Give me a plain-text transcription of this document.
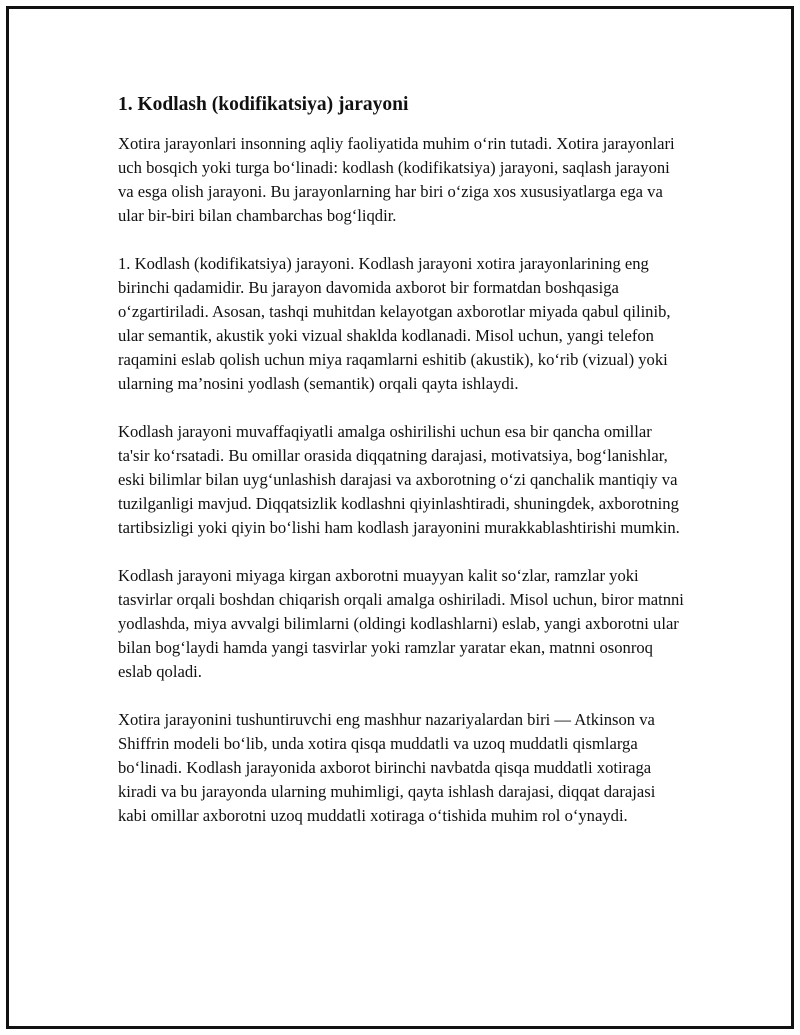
1. Kodlash (kodifikatsiya) jarayoni

Xotira jarayonlari insonning aqliy faoliyatida muhim o‘rin tutadi. Xotira jarayonlari uch bosqich yoki turga bo‘linadi: kodlash (kodifikatsiya) jarayoni, saqlash jarayoni va esga olish jarayoni. Bu jarayonlarning har biri o‘ziga xos xususiyatlarga ega va ular bir-biri bilan chambarchas bog‘liqdir.

1. Kodlash (kodifikatsiya) jarayoni. Kodlash jarayoni xotira jarayonlarining eng birinchi qadamidir. Bu jarayon davomida axborot bir formatdan boshqasiga o‘zgartiriladi. Asosan, tashqi muhitdan kelayotgan axborotlar miyada qabul qilinib, ular semantik, akustik yoki vizual shaklda kodlanadi. Misol uchun, yangi telefon raqamini eslab qolish uchun miya raqamlarni eshitib (akustik), ko‘rib (vizual) yoki ularning ma’nosini yodlash (semantik) orqali qayta ishlaydi.

Kodlash jarayoni muvaffaqiyatli amalga oshirilishi uchun esa bir qancha omillar ta'sir ko‘rsatadi. Bu omillar orasida diqqatning darajasi, motivatsiya, bog‘lanishlar, eski bilimlar bilan uyg‘unlashish darajasi va axborotning o‘zi qanchalik mantiqiy va tuzilganligi mavjud. Diqqatsizlik kodlashni qiyinlashtiradi, shuningdek, axborotning tartibsizligi yoki qiyin bo‘lishi ham kodlash jarayonini murakkablashtirishi mumkin.

Kodlash jarayoni miyaga kirgan axborotni muayyan kalit so‘zlar, ramzlar yoki tasvirlar orqali boshdan chiqarish orqali amalga oshiriladi. Misol uchun, biror matnni yodlashda, miya avvalgi bilimlarni (oldingi kodlashlarni) eslab, yangi axborotni ular bilan bog‘laydi hamda yangi tasvirlar yoki ramzlar yaratar ekan, matnni osonroq eslab qoladi.

Xotira jarayonini tushuntiruvchi eng mashhur nazariyalardan biri — Atkinson va Shiffrin modeli bo‘lib, unda xotira qisqa muddatli va uzoq muddatli qismlarga bo‘linadi. Kodlash jarayonida axborot birinchi navbatda qisqa muddatli xotiraga kiradi va bu jarayonda ularning muhimligi, qayta ishlash darajasi, diqqat darajasi kabi omillar axborotni uzoq muddatli xotiraga o‘tishida muhim rol o‘ynaydi.
